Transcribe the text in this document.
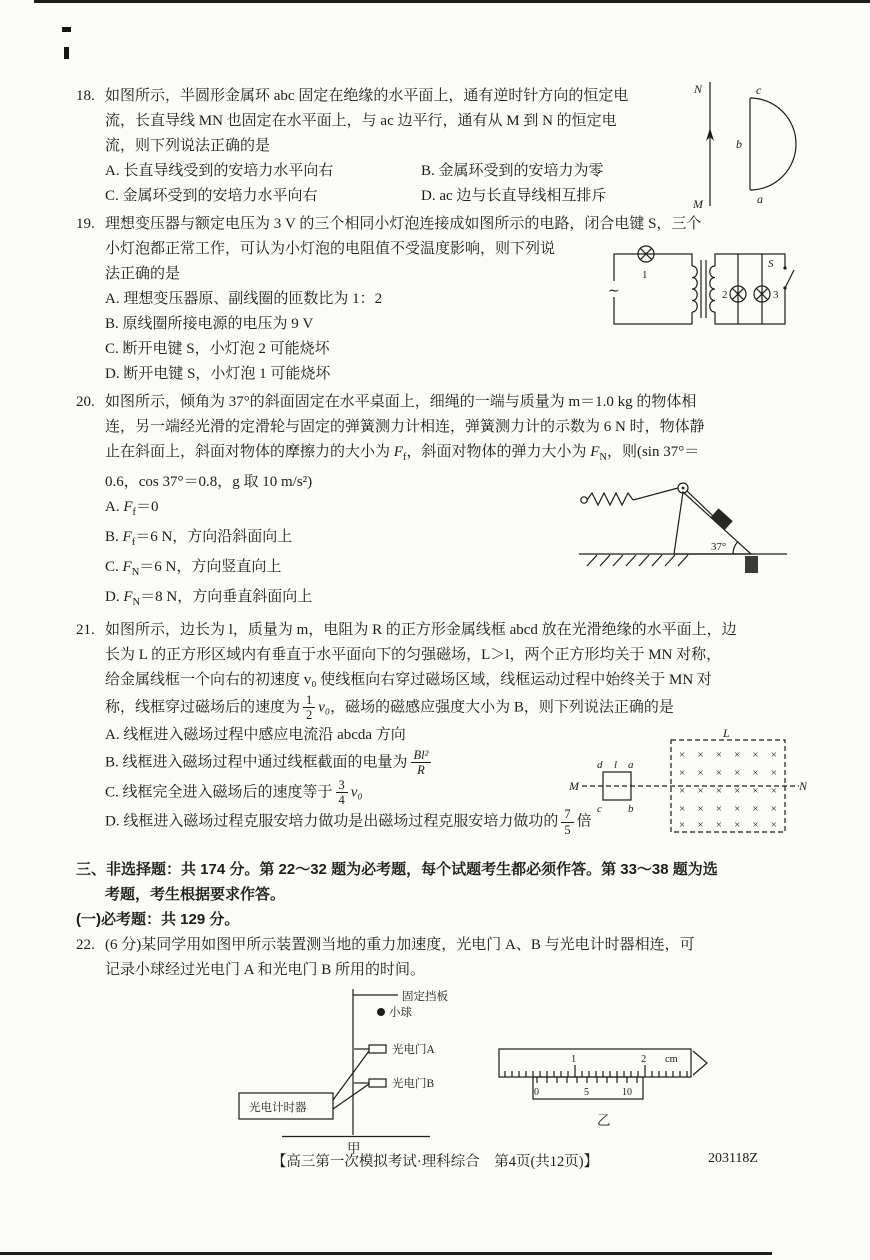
18. 如图所示，半圆形金属环 abc 固定在绝缘的水平面上，通有逆时针方向的恒定电
流，长直导线 MN 也固定在水平面上，与 ac 边平行，通有从 M 到 N 的恒定电
流，则下列说法正确的是
A. 长直导线受到的安培力水平向右	B. 金属环受到的安培力为零
C. 金属环受到的安培力水平向右	D. ac 边与长直导线相互排斥
N
M
c
b
a
19. 理想变压器与额定电压为 3 V 的三个相同小灯泡连接成如图所示的电路，闭合电键 S，三个
小灯泡都正常工作，可认为小灯泡的电阻值不受温度影响，则下列说
法正确的是
A. 理想变压器原、副线圈的匝数比为 1：2
B. 原线圈所接电源的电压为 9 V
C. 断开电键 S，小灯泡 2 可能烧坏
D. 断开电键 S，小灯泡 1 可能烧坏
∼
1
2	3
S
20. 如图所示，倾角为 37°的斜面固定在水平桌面上，细绳的一端与质量为 m＝1.0 kg 的物体相
连，另一端经光滑的定滑轮与固定的弹簧测力计相连，弹簧测力计的示数为 6 N 时，物体静
止在斜面上，斜面对物体的摩擦力的大小为 $F_f$，斜面对物体的弹力大小为 $F_N$，则(sin 37°＝
0.6，cos 37°＝0.8，g 取 10 m/s²)
A. $F_f=0$
B. $F_f=6$ N，方向沿斜面向上
C. $F_N=6$ N，方向竖直向上
D. $F_N=8$ N，方向垂直斜面向上
37°
21. 如图所示，边长为 l，质量为 m，电阻为 R 的正方形金属线框 abcd 放在光滑绝缘的水平面上，边
长为 L 的正方形区域内有垂直于水平面向下的匀强磁场，L＞l，两个正方形均关于 MN 对称，
给金属线框一个向右的初速度 v₀ 使线框向右穿过磁场区域，线框运动过程中始终关于 MN 对
称，线框穿过磁场后的速度为 $\frac{1}{2} v_0$，磁场的磁感应强度大小为 B，则下列说法正确的是
A. 线框进入磁场过程中感应电流沿 abcda 方向
B. 线框进入磁场过程中通过线框截面的电量为 $\frac{\text{Bl²}}{R}$
C. 线框完全进入磁场后的速度等于 $\frac{3}{4} v_0$
D. 线框进入磁场过程克服安培力做功是出磁场过程克服安培力做功的 $\frac{7}{5}$ 倍
M	N
d l a
c b
L
× × × × × ×
× × × × × ×
× × × × × ×
× × × × × ×
× × × × × ×
三、非选择题：共 174 分。第 22～32 题为必考题，每个试题考生都必须作答。第 33～38 题为选
考题，考生根据要求作答。
(一)必考题：共 129 分。
22. (6 分)某同学用如图甲所示装置测当地的重力加速度，光电门 A、B 与光电计时器相连，可
记录小球经过光电门 A 和光电门 B 所用的时间。
固定挡板
小球
光电门A
光电门B
光电计时器
甲
1	2 cm
0	5	10
乙
【高三第一次模拟考试·理科综合　第4页(共12页)】	203118Z
